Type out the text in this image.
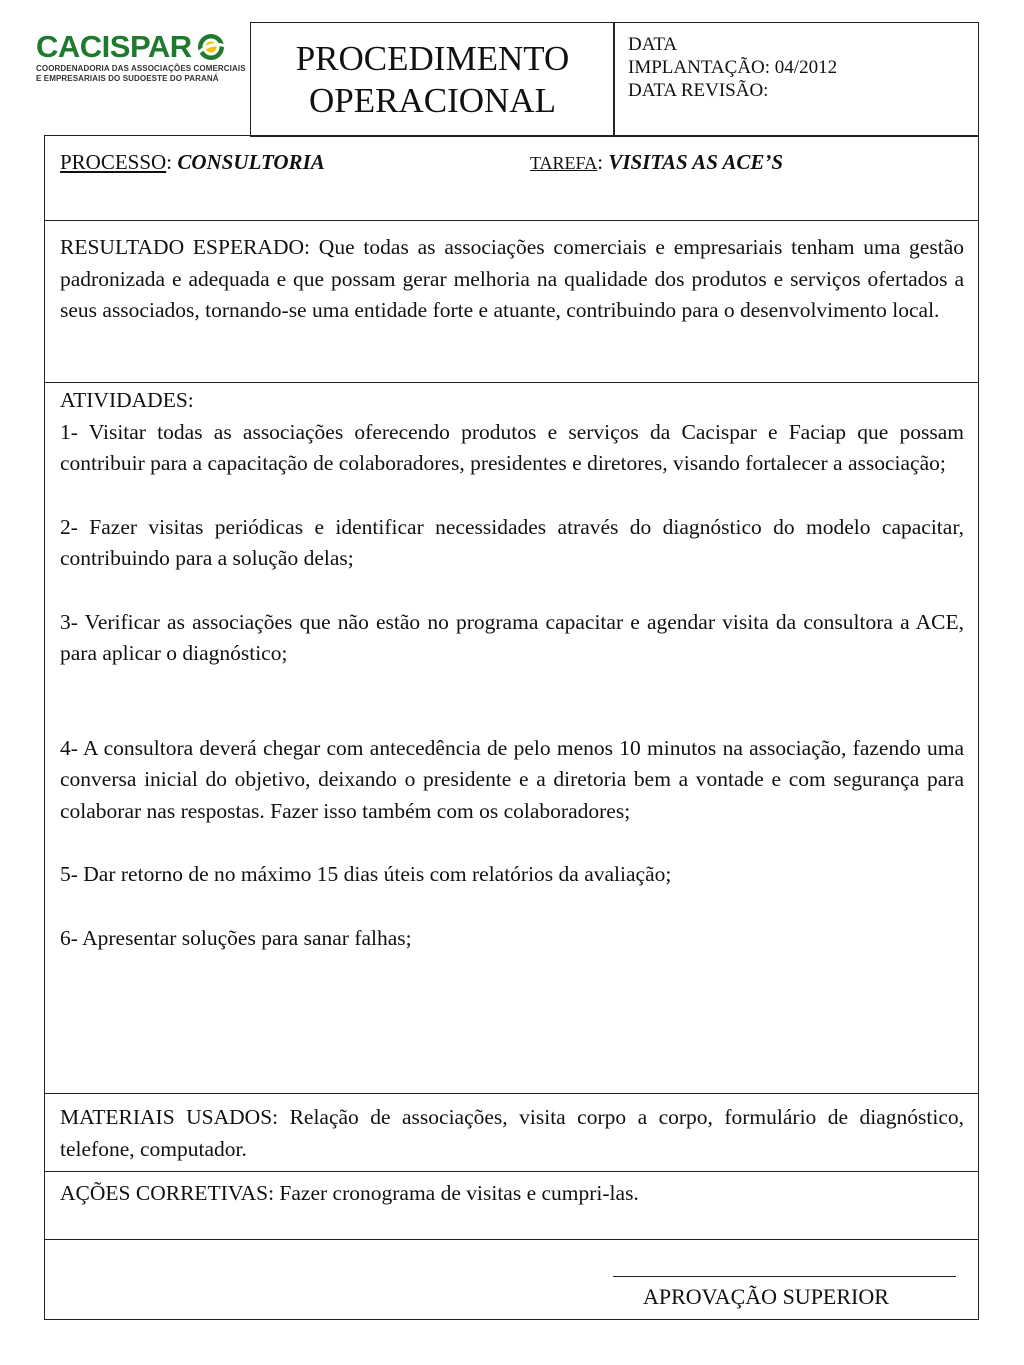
CACISPAR
COORDENADORIA DAS ASSOCIAÇÕES COMERCIAIS
E EMPRESARIAIS DO SUDOESTE DO PARANÁ
PROCEDIMENTO
OPERACIONAL
DATA
IMPLANTAÇÃO: 04/2012
DATA REVISÃO:
PROCESSO: CONSULTORIA	TAREFA: VISITAS AS ACE’S
RESULTADO ESPERADO: Que todas as associações comerciais e empresariais tenham uma gestão padronizada e adequada e que possam gerar melhoria na qualidade dos produtos e serviços ofertados a seus associados, tornando-se uma entidade forte e atuante, contribuindo para o desenvolvimento local.

ATIVIDADES:

1- Visitar todas as associações oferecendo produtos e serviços da Cacispar e Faciap que possam contribuir para a capacitação de colaboradores, presidentes e diretores, visando fortalecer a associação;

2- Fazer visitas periódicas e identificar necessidades através do diagnóstico do modelo capacitar, contribuindo para a solução delas;

3- Verificar as associações que não estão no programa capacitar e agendar visita da consultora a ACE, para aplicar o diagnóstico;

4- A consultora deverá chegar com antecedência de pelo menos 10 minutos na associação, fazendo uma conversa inicial do objetivo, deixando o presidente e a diretoria bem a vontade e com segurança para colaborar nas respostas. Fazer isso também com os colaboradores;

5- Dar retorno de no máximo 15 dias úteis com relatórios da avaliação;

6- Apresentar soluções para sanar falhas;

MATERIAIS USADOS: Relação de associações, visita corpo a corpo, formulário de diagnóstico, telefone, computador.
AÇÕES CORRETIVAS: Fazer cronograma de visitas e cumpri-las.
APROVAÇÃO SUPERIOR
